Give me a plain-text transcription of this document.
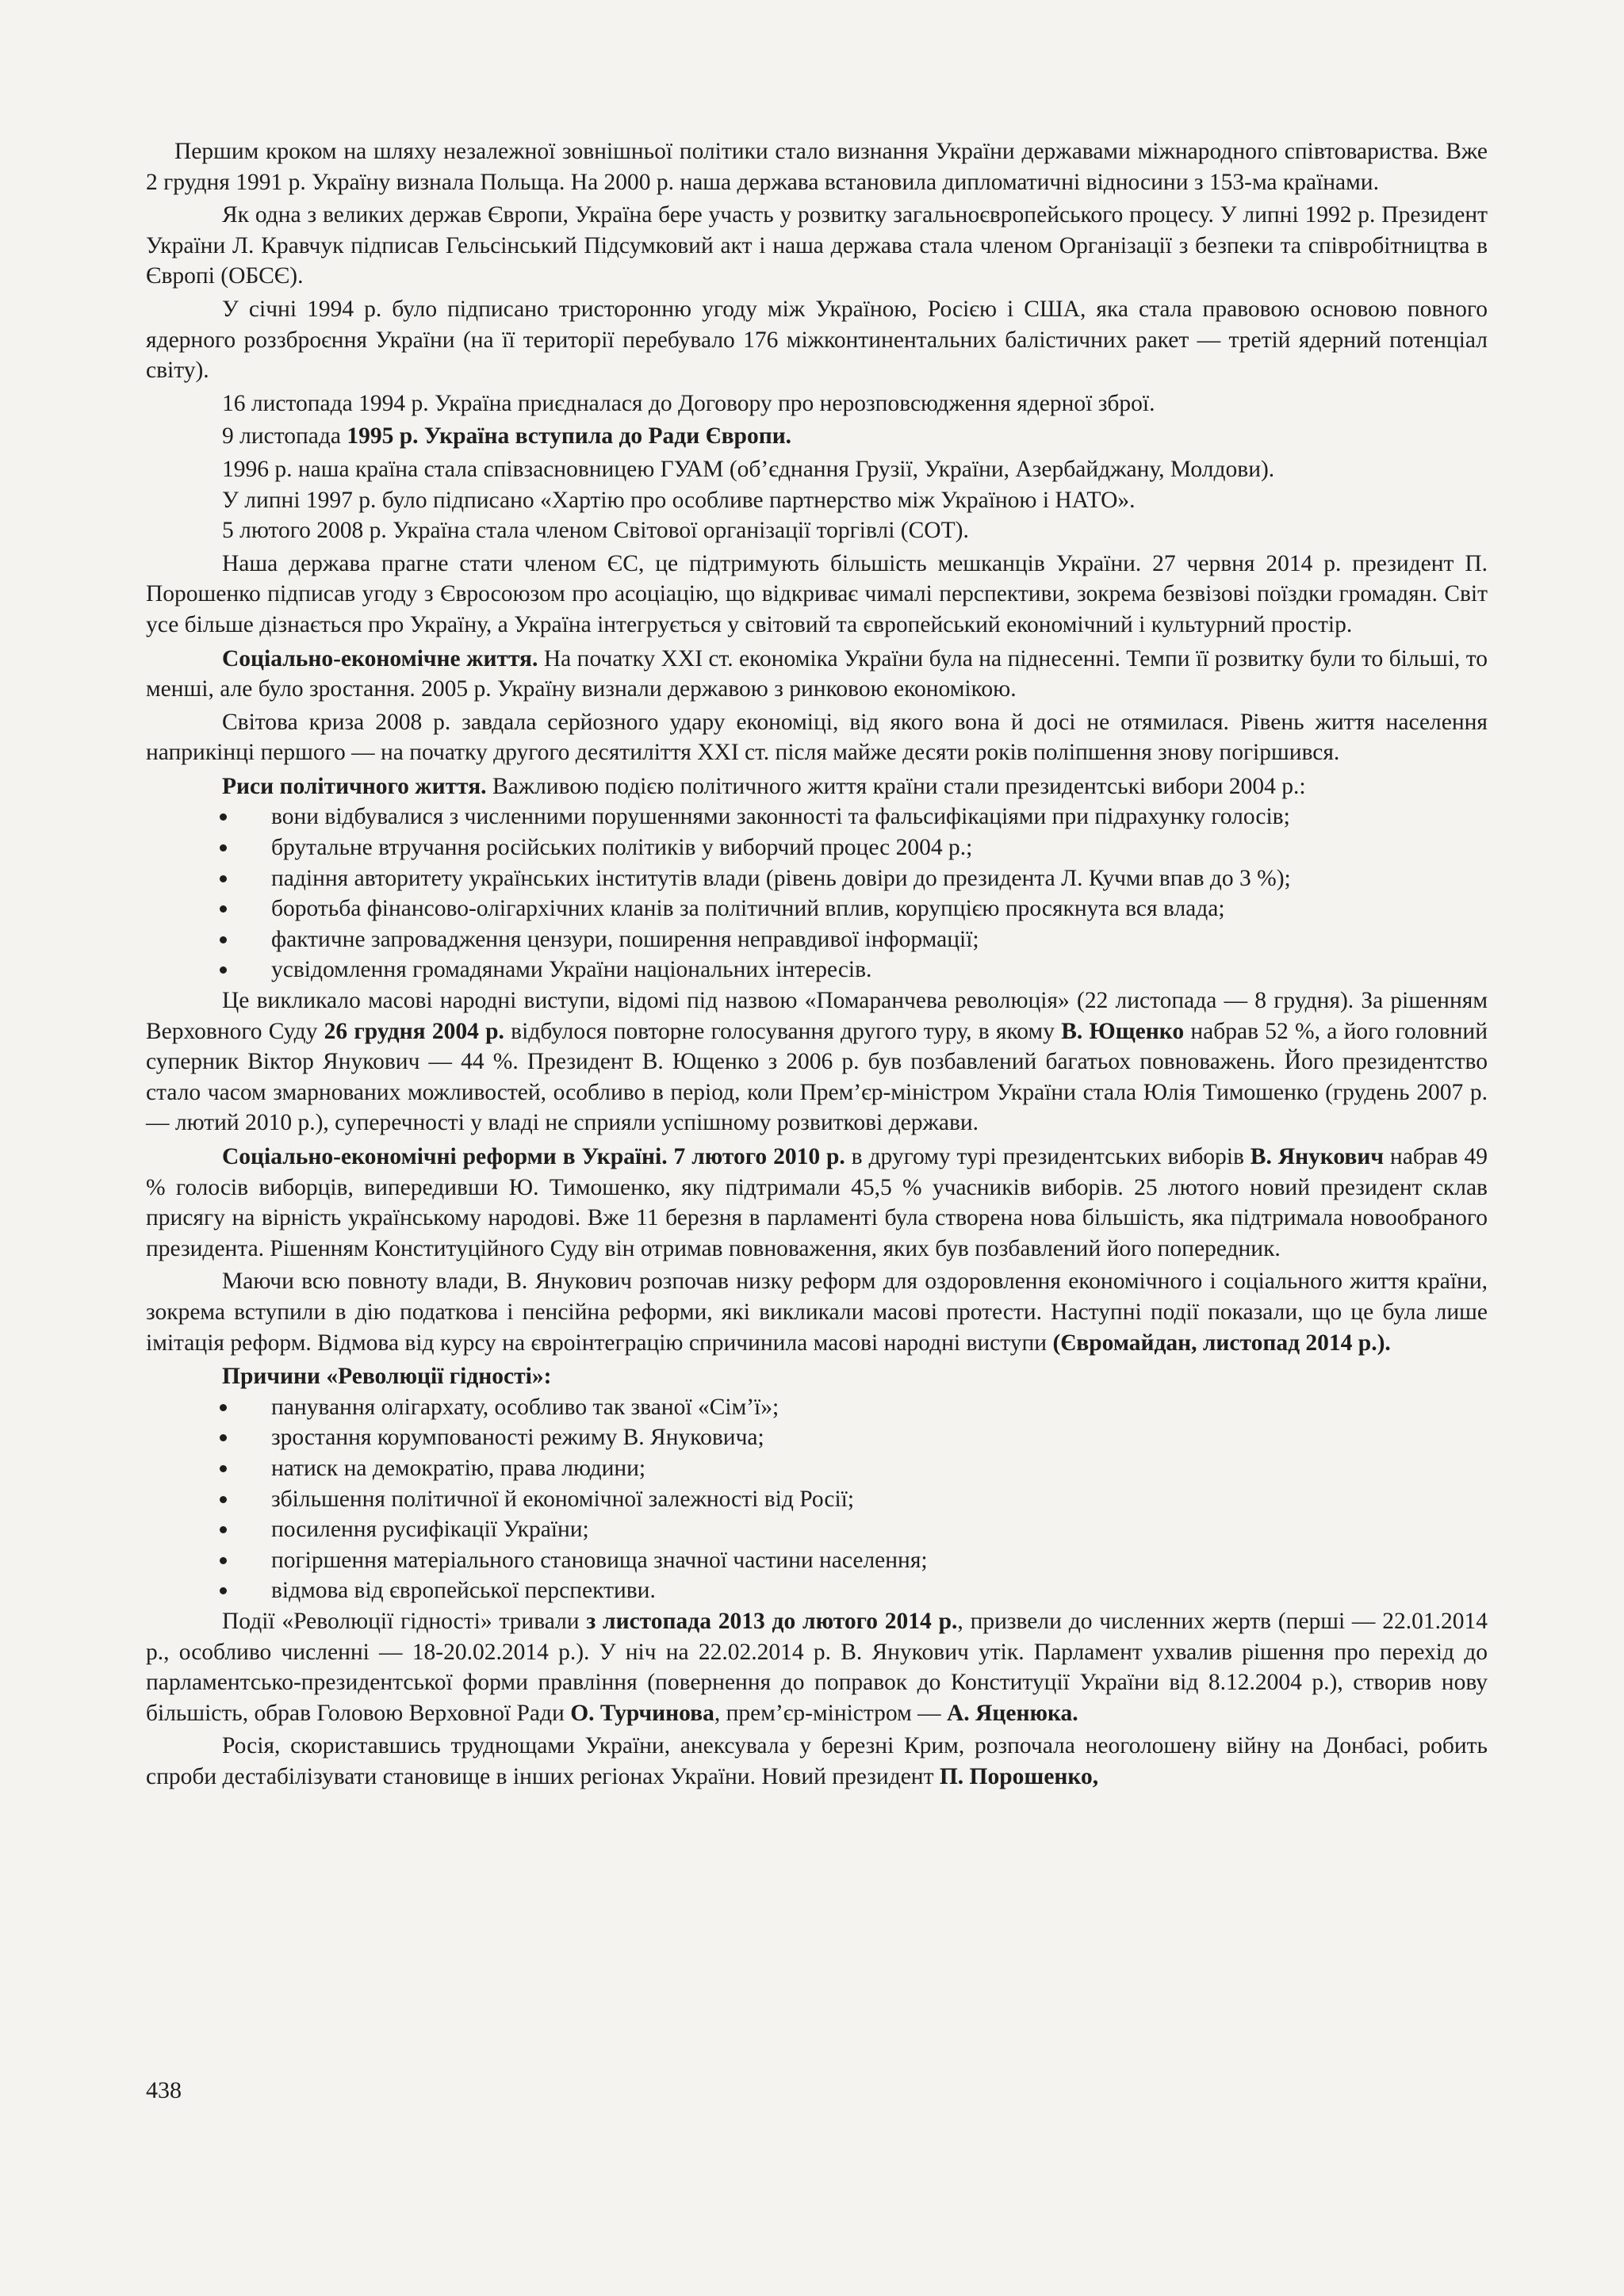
Першим кроком на шляху незалежної зовнішньої політики стало визнання України державами міжнародного співтовариства. Вже 2 грудня 1991 р. Україну визнала Польща. На 2000 р. наша держава встановила дипломатичні відносини з 153-ма країнами.

Як одна з великих держав Європи, Україна бере участь у розвитку загальноєвропейського процесу. У липні 1992 р. Президент України Л. Кравчук підписав Гельсінський Підсумковий акт і наша держава стала членом Організації з безпеки та співробітництва в Європі (ОБСЄ).

У січні 1994 р. було підписано тристоронню угоду між Україною, Росією і США, яка стала правовою основою повного ядерного роззброєння України (на її території перебувало 176 міжконтинентальних балістичних ракет — третій ядерний потенціал світу).

16 листопада 1994 р. Україна приєдналася до Договору про нерозповсюдження ядерної зброї.

9 листопада 1995 р. Україна вступила до Ради Європи.

1996 р. наша країна стала співзасновницею ГУАМ (об’єднання Грузії, України, Азербайджану, Молдови).

У липні 1997 р. було підписано «Хартію про особливе партнерство між Україною і НАТО».

5 лютого 2008 р. Україна стала членом Світової організації торгівлі (СОТ).

Наша держава прагне стати членом ЄС, це підтримують більшість мешканців України. 27 червня 2014 р. президент П. Порошенко підписав угоду з Євросоюзом про асоціацію, що відкриває чималі перспективи, зокрема безвізові поїздки громадян. Світ усе більше дізнається про Україну, а Україна інтегрується у світовий та європейський економічний і культурний простір.

Соціально-економічне життя. На початку XXI ст. економіка України була на піднесенні. Темпи її розвитку були то більші, то менші, але було зростання. 2005 р. Україну визнали державою з ринковою економікою.

Світова криза 2008 р. завдала серйозного удару економіці, від якого вона й досі не отямилася. Рівень життя населення наприкінці першого — на початку другого десятиліття XXI ст. після майже десяти років поліпшення знову погіршився.

Риси політичного життя. Важливою подією політичного життя країни стали президентські вибори 2004 р.:

вони відбувалися з численними порушеннями законності та фальсифікаціями при підрахунку голосів;
брутальне втручання російських політиків у виборчий процес 2004 р.;
падіння авторитету українських інститутів влади (рівень довіри до президента Л. Кучми впав до 3 %);
боротьба фінансово-олігархічних кланів за політичний вплив, корупцією просякнута вся влада;
фактичне запровадження цензури, поширення неправдивої інформації;
усвідомлення громадянами України національних інтересів.

Це викликало масові народні виступи, відомі під назвою «Помаранчева революція» (22 листопада — 8 грудня). За рішенням Верховного Суду 26 грудня 2004 р. відбулося повторне голосування другого туру, в якому В. Ющенко набрав 52 %, а його головний суперник Віктор Янукович — 44 %. Президент В. Ющенко з 2006 р. був позбавлений багатьох повноважень. Його президентство стало часом змарнованих можливостей, особливо в період, коли Прем’єр-міністром України стала Юлія Тимошенко (грудень 2007 р. — лютий 2010 р.), суперечності у владі не сприяли успішному розвиткові держави.

Соціально-економічні реформи в Україні. 7 лютого 2010 р. в другому турі президентських виборів В. Янукович набрав 49 % голосів виборців, випередивши Ю. Тимошенко, яку підтримали 45,5 % учасників виборів. 25 лютого новий президент склав присягу на вірність українському народові. Вже 11 березня в парламенті була створена нова більшість, яка підтримала новообраного президента. Рішенням Конституційного Суду він отримав повноваження, яких був позбавлений його попередник.

Маючи всю повноту влади, В. Янукович розпочав низку реформ для оздоровлення економічного і соціального життя країни, зокрема вступили в дію податкова і пенсійна реформи, які викликали масові протести. Наступні події показали, що це була лише імітація реформ. Відмова від курсу на євроінтеграцію спричинила масові народні виступи (Євромайдан, листопад 2014 р.).

Причини «Революції гідності»:

панування олігархату, особливо так званої «Сім’ї»;
зростання корумпованості режиму В. Януковича;
натиск на демократію, права людини;
збільшення політичної й економічної залежності від Росії;
посилення русифікації України;
погіршення матеріального становища значної частини населення;
відмова від європейської перспективи.

Події «Революції гідності» тривали з листопада 2013 до лютого 2014 р., призвели до численних жертв (перші — 22.01.2014 р., особливо численні — 18-20.02.2014 р.). У ніч на 22.02.2014 р. В. Янукович утік. Парламент ухвалив рішення про перехід до парламентсько-президентської форми правління (повернення до поправок до Конституції України від 8.12.2004 р.), створив нову більшість, обрав Головою Верховної Ради О. Турчинова, прем’єр-міністром — А. Яценюка.

Росія, скориставшись труднощами України, анексувала у березні Крим, розпочала неоголошену війну на Донбасі, робить спроби дестабілізувати становище в інших регіонах України. Новий президент П. Порошенко,

438
